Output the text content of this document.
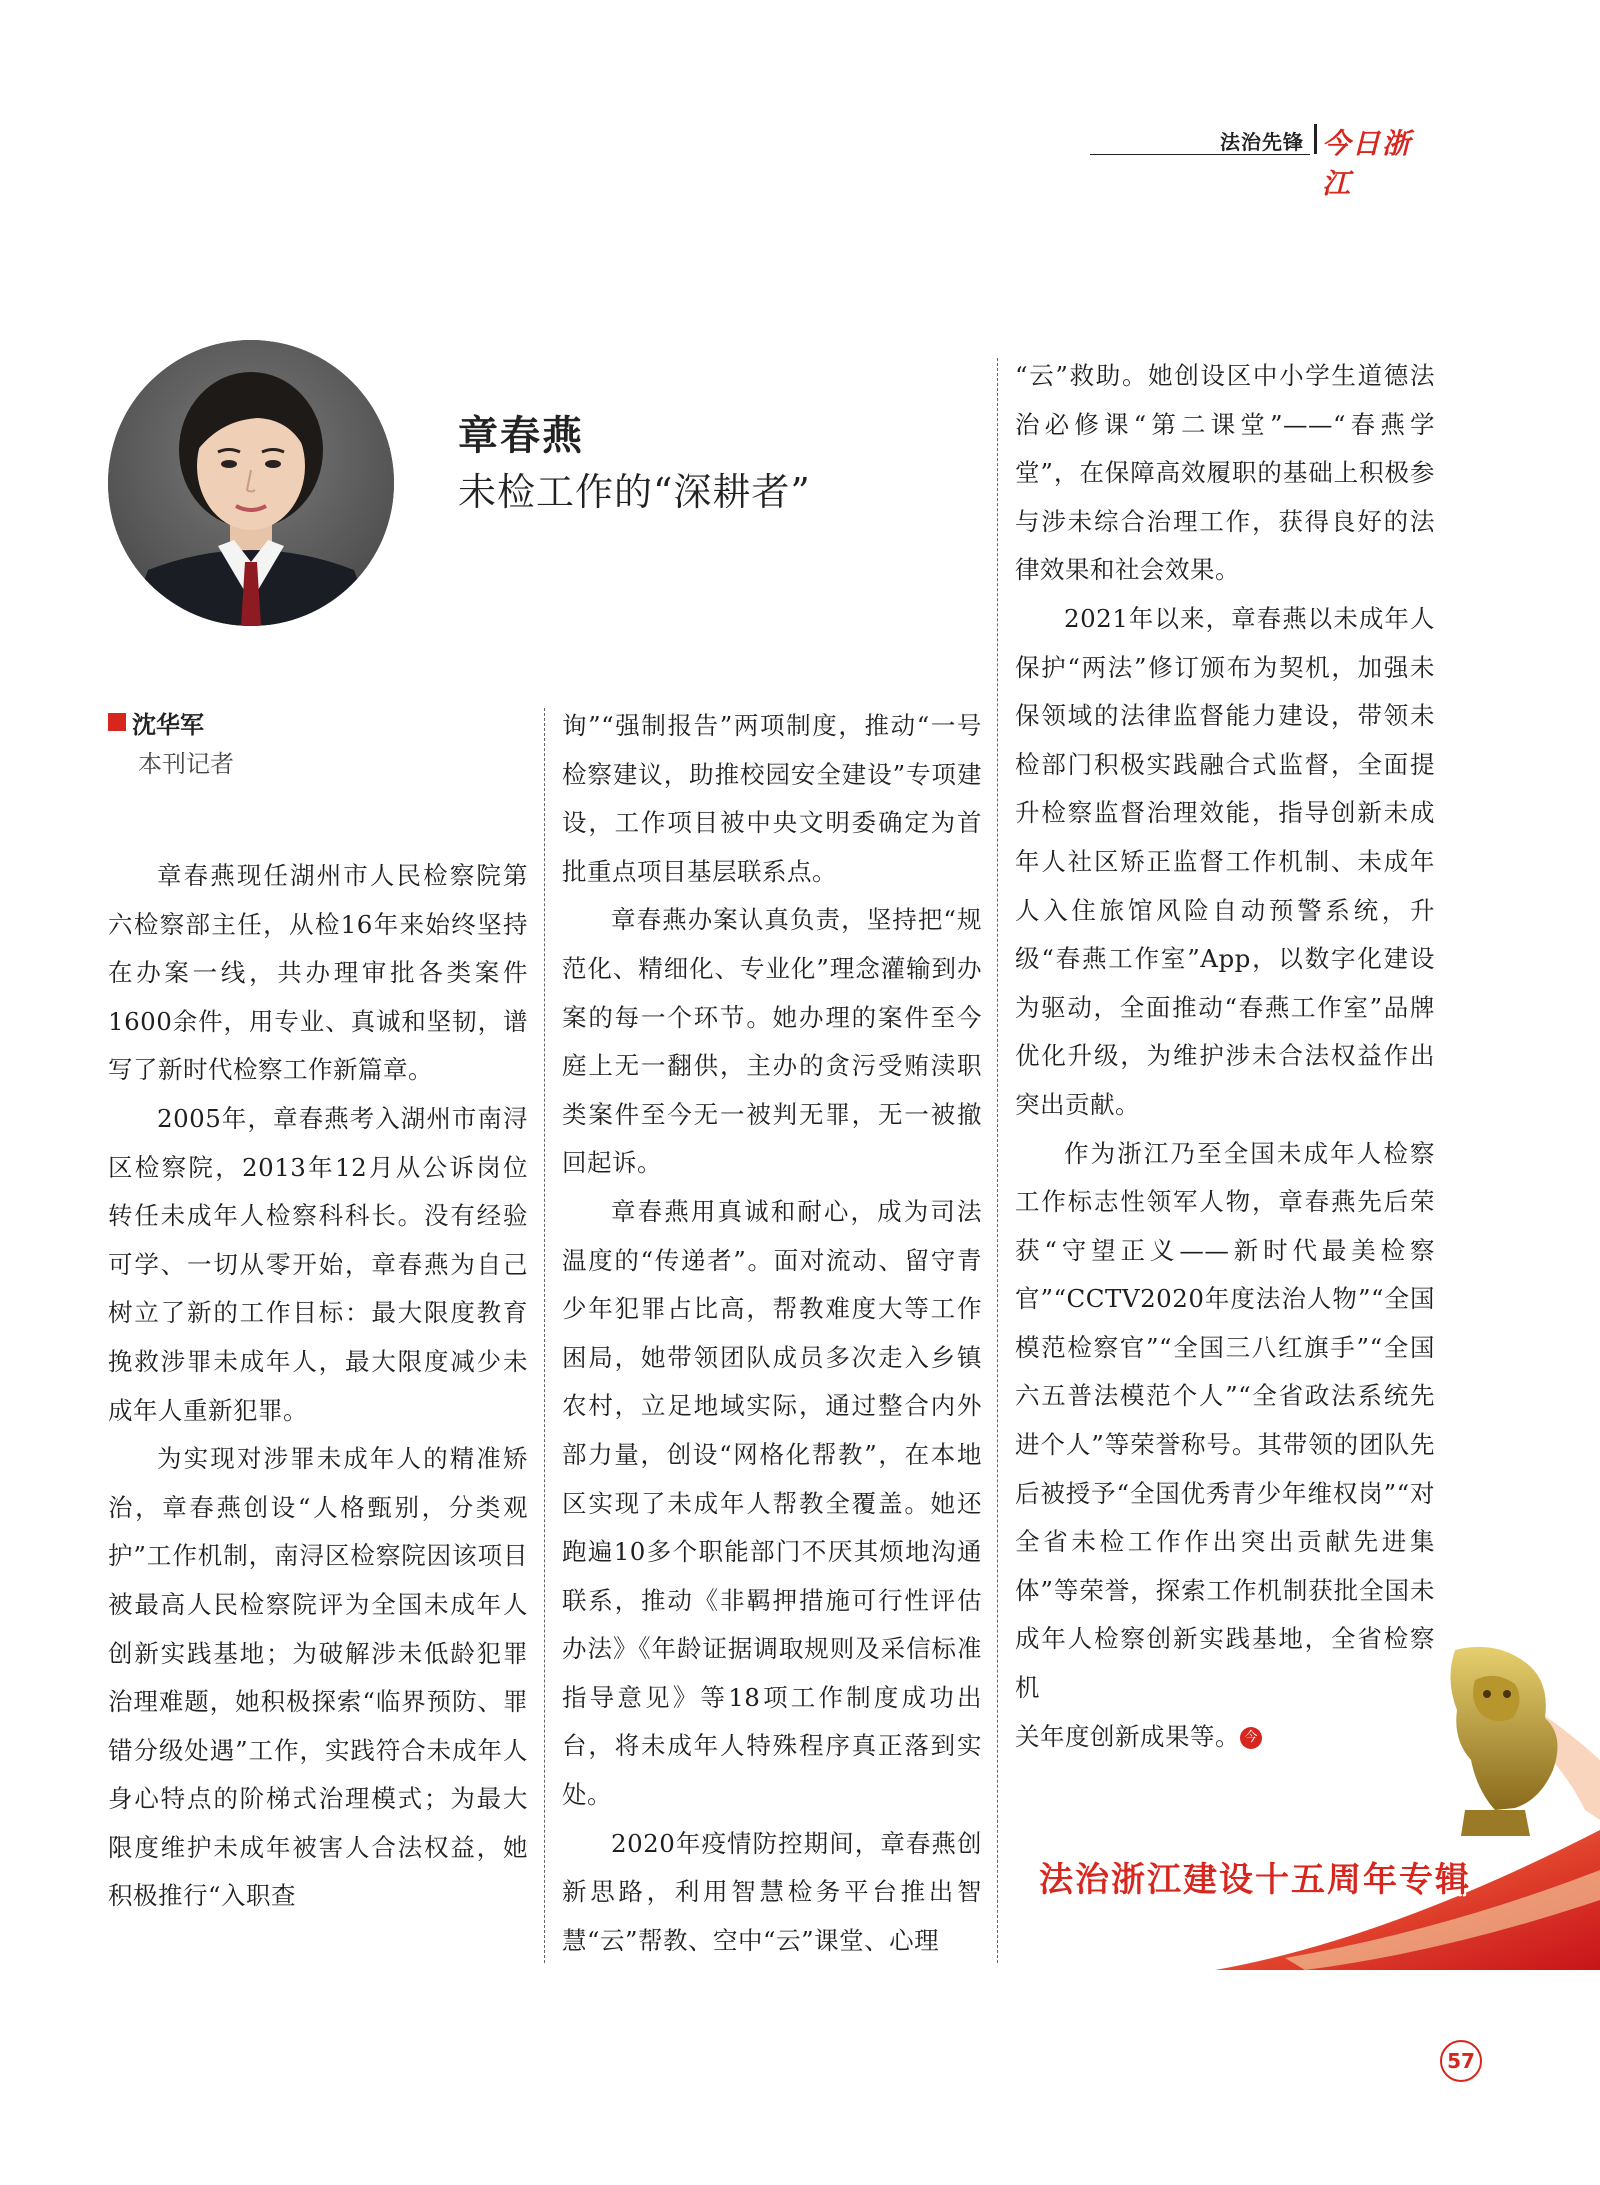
法治先锋 今日浙江
章春燕
未检工作的“深耕者”
沈华军
本刊记者

章春燕现任湖州市人民检察院第六检察部主任，从检16年来始终坚持在办案一线，共办理审批各类案件1600余件，用专业、真诚和坚韧，谱写了新时代检察工作新篇章。

2005年，章春燕考入湖州市南浔区检察院，2013年12月从公诉岗位转任未成年人检察科科长。没有经验可学、一切从零开始，章春燕为自己树立了新的工作目标：最大限度教育挽救涉罪未成年人，最大限度减少未成年人重新犯罪。

为实现对涉罪未成年人的精准矫治，章春燕创设“人格甄别，分类观护”工作机制，南浔区检察院因该项目被最高人民检察院评为全国未成年人创新实践基地；为破解涉未低龄犯罪治理难题，她积极探索“临界预防、罪错分级处遇”工作，实践符合未成年人身心特点的阶梯式治理模式；为最大限度维护未成年被害人合法权益，她积极推行“入职查

询”“强制报告”两项制度，推动“一号检察建议，助推校园安全建设”专项建设，工作项目被中央文明委确定为首批重点项目基层联系点。

章春燕办案认真负责，坚持把“规范化、精细化、专业化”理念灌输到办案的每一个环节。她办理的案件至今庭上无一翻供，主办的贪污受贿渎职类案件至今无一被判无罪，无一被撤回起诉。

章春燕用真诚和耐心，成为司法温度的“传递者”。面对流动、留守青少年犯罪占比高，帮教难度大等工作困局，她带领团队成员多次走入乡镇农村，立足地域实际，通过整合内外部力量，创设“网格化帮教”，在本地区实现了未成年人帮教全覆盖。她还跑遍10多个职能部门不厌其烦地沟通联系，推动《非羁押措施可行性评估办法》《年龄证据调取规则及采信标准指导意见》等18项工作制度成功出台，将未成年人特殊程序真正落到实处。

2020年疫情防控期间，章春燕创新思路，利用智慧检务平台推出智慧“云”帮教、空中“云”课堂、心理

“云”救助。她创设区中小学生道德法治必修课“第二课堂”——“春燕学堂”，在保障高效履职的基础上积极参与涉未综合治理工作，获得良好的法律效果和社会效果。

2021年以来，章春燕以未成年人保护“两法”修订颁布为契机，加强未保领域的法律监督能力建设，带领未检部门积极实践融合式监督，全面提升检察监督治理效能，指导创新未成年人社区矫正监督工作机制、未成年人入住旅馆风险自动预警系统，升级“春燕工作室”App，以数字化建设为驱动，全面推动“春燕工作室”品牌优化升级，为维护涉未合法权益作出突出贡献。

作为浙江乃至全国未成年人检察工作标志性领军人物，章春燕先后荣获“守望正义——新时代最美检察官”“CCTV2020年度法治人物”“全国模范检察官”“全国三八红旗手”“全国六五普法模范个人”“全省政法系统先进个人”等荣誉称号。其带领的团队先后被授予“全国优秀青少年维权岗”“对全省未检工作作出突出贡献先进集体”等荣誉，探索工作机制获批全国未成年人检察创新实践基地，全省检察机

关年度创新成果等。 今

法治浙江建设十五周年专辑
57
